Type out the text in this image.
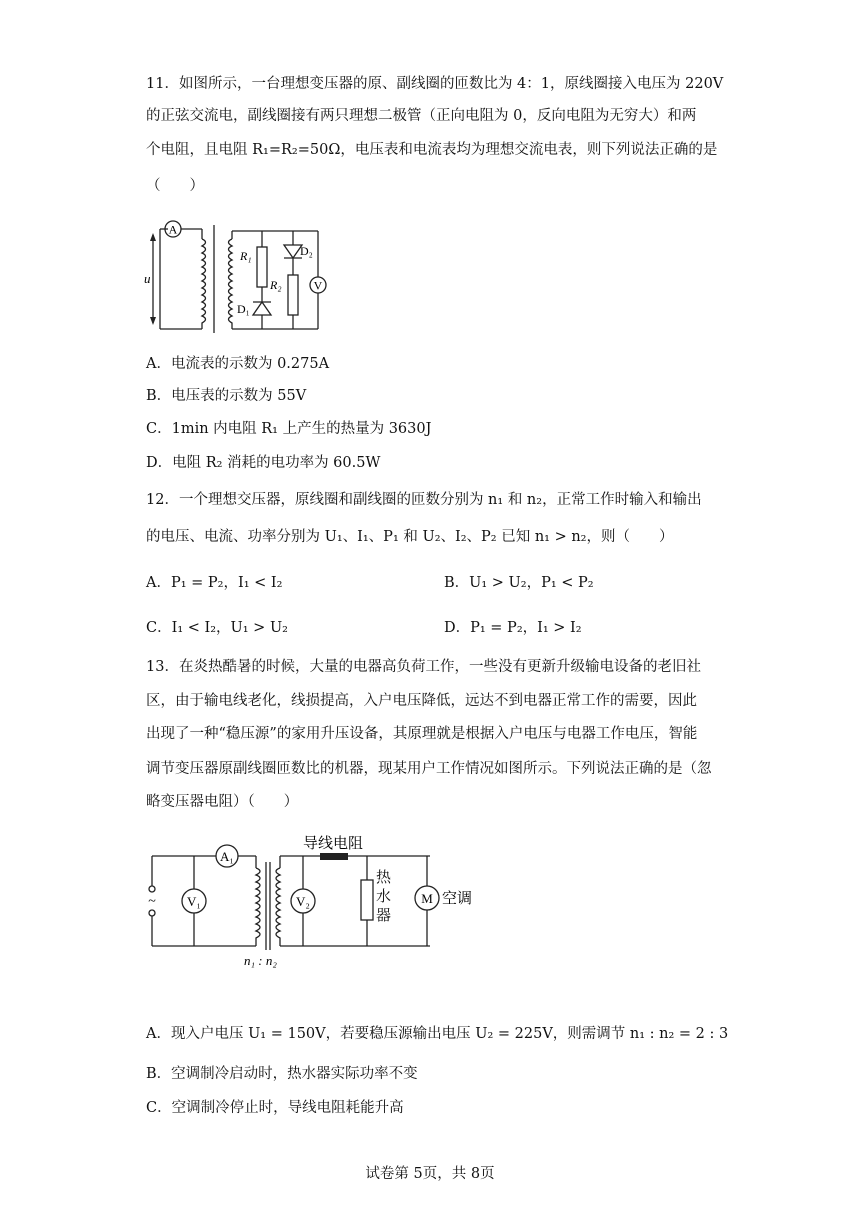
11．如图所示，一台理想变压器的原、副线圈的匝数比为 4：1，原线圈接入电压为 220V
的正弦交流电，副线圈接有两只理想二极管（正向电阻为 0，反向电阻为无穷大）和两
个电阻，且电阻 R₁=R₂=50Ω，电压表和电流表均为理想交流电表，则下列说法正确的是
（　　）
A
u
R₁
R₂
D₁
D₂
V
A．电流表的示数为 0.275A
B．电压表的示数为 55V
C．1min 内电阻 R₁ 上产生的热量为 3630J
D．电阻 R₂ 消耗的电功率为 60.5W
12．一个理想交压器，原线圈和副线圈的匝数分别为 n₁ 和 n₂，正常工作时输入和输出
的电压、电流、功率分别为 U₁、I₁、P₁ 和 U₂、I₂、P₂ 已知 n₁ > n₂，则（　　）
A．P₁ = P₂，I₁ < I₂	B．U₁ > U₂，P₁ < P₂
C．I₁ < I₂，U₁ > U₂	D．P₁ = P₂，I₁ > I₂
13．在炎热酷暑的时候，大量的电器高负荷工作，一些没有更新升级输电设备的老旧社
区，由于输电线老化，线损提高，入户电压降低，远达不到电器正常工作的需要，因此
出现了一种“稳压源”的家用升压设备，其原理就是根据入户电压与电器工作电压，智能
调节变压器原副线圈匝数比的机器，现某用户工作情况如图所示。下列说法正确的是（忽
略变压器电阻）（　　）
~
A₁
V₁	V₂	M
导线电阻
空调
n₁ : n₂
热水器
A．现入户电压 U₁ = 150V，若要稳压源输出电压 U₂ = 225V，则需调节 n₁ : n₂ = 2 : 3
B．空调制冷启动时，热水器实际功率不变
C．空调制冷停止时，导线电阻耗能升高
试卷第 5页，共 8页
